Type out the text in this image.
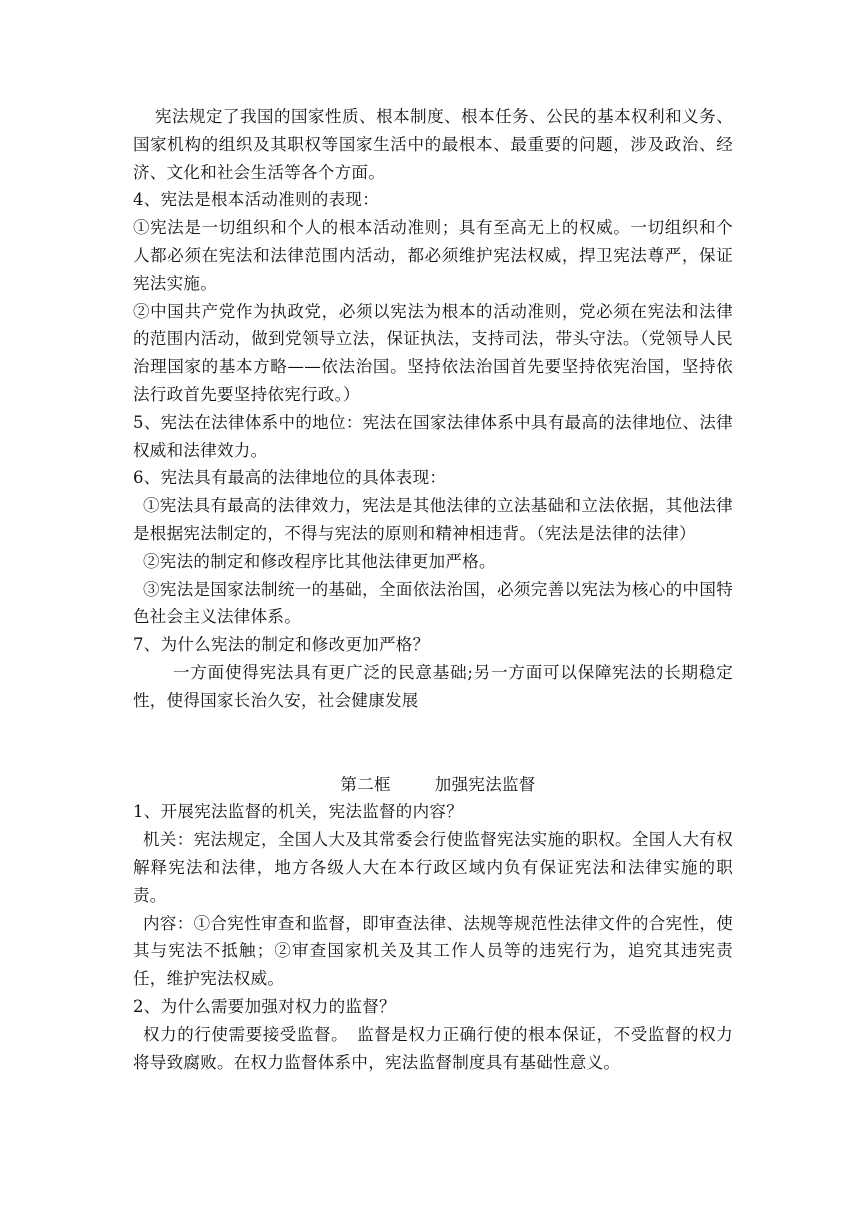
宪法规定了我国的国家性质、根本制度、根本任务、公民的基本权利和义务、国家机构的组织及其职权等国家生活中的最根本、最重要的问题，涉及政治、经济、文化和社会生活等各个方面。

4、宪法是根本活动准则的表现：

①宪法是一切组织和个人的根本活动准则；具有至高无上的权威。一切组织和个人都必须在宪法和法律范围内活动，都必须维护宪法权威，捍卫宪法尊严，保证宪法实施。

②中国共产党作为执政党，必须以宪法为根本的活动准则，党必须在宪法和法律的范围内活动，做到党领导立法，保证执法，支持司法，带头守法。（党领导人民治理国家的基本方略——依法治国。坚持依法治国首先要坚持依宪治国，坚持依法行政首先要坚持依宪行政。）

5、宪法在法律体系中的地位：宪法在国家法律体系中具有最高的法律地位、法律权威和法律效力。

6、宪法具有最高的法律地位的具体表现：

①宪法具有最高的法律效力，宪法是其他法律的立法基础和立法依据，其他法律是根据宪法制定的，不得与宪法的原则和精神相违背。（宪法是法律的法律）

②宪法的制定和修改程序比其他法律更加严格。

③宪法是国家法制统一的基础，全面依法治国，必须完善以宪法为核心的中国特色社会主义法律体系。

7、为什么宪法的制定和修改更加严格？

一方面使得宪法具有更广泛的民意基础;另一方面可以保障宪法的长期稳定性，使得国家长治久安，社会健康发展

第二框	加强宪法监督

1、开展宪法监督的机关，宪法监督的内容？

机关：宪法规定，全国人大及其常委会行使监督宪法实施的职权。全国人大有权解释宪法和法律，地方各级人大在本行政区域内负有保证宪法和法律实施的职责。

内容：①合宪性审查和监督，即审查法律、法规等规范性法律文件的合宪性，使其与宪法不抵触；②审查国家机关及其工作人员等的违宪行为，追究其违宪责任，维护宪法权威。

2、为什么需要加强对权力的监督？

权力的行使需要接受监督。　监督是权力正确行使的根本保证，不受监督的权力将导致腐败。在权力监督体系中，宪法监督制度具有基础性意义。
